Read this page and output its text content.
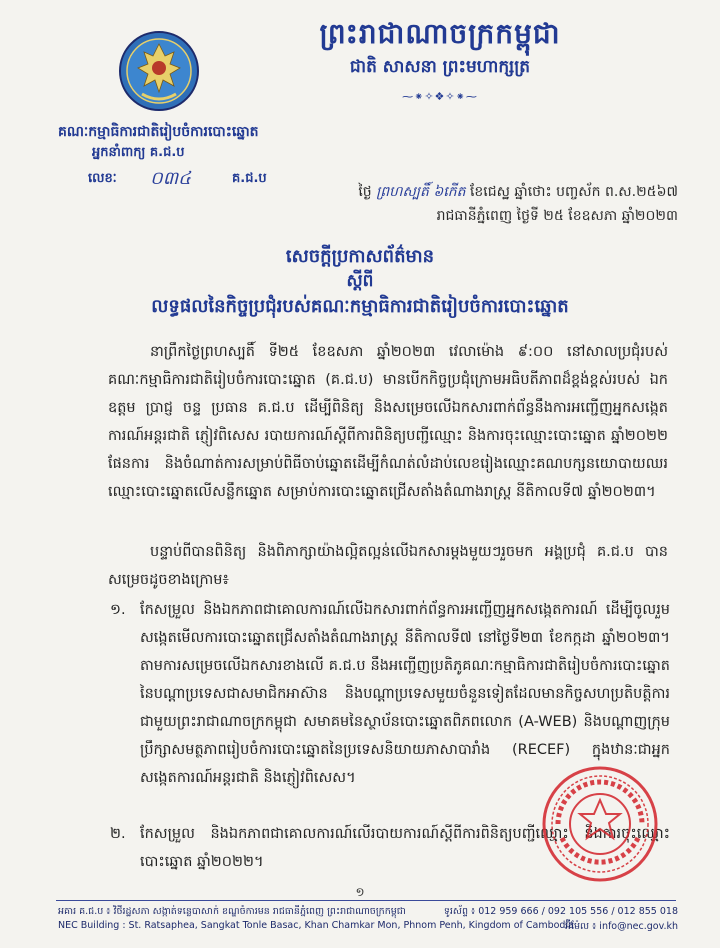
ព្រះរាជាណាចក្រកម្ពុជា
ជាតិ សាសនា ព្រះមហាក្សត្រ
⁓⁕✧❖✧⁕⁓
គណៈកម្មាធិការជាតិរៀបចំការបោះឆ្នោត
អ្នកនាំពាក្យ គ.ជ.ប
លេខៈ ០៣៤	គ.ជ.ប
ថ្ងៃ ព្រហស្បតិ៍ ៦កើត ខែជេស្ឋ ឆ្នាំថោះ បញ្ចស័ក ព.ស.២៥៦៧
រាជធានីភ្នំពេញ ថ្ងៃទី ២៥ ខែឧសភា ឆ្នាំ២០២៣
សេចក្តីប្រកាសព័ត៌មាន
ស្តីពី
លទ្ធផលនៃកិច្ចប្រជុំរបស់គណៈកម្មាធិការជាតិរៀបចំការបោះឆ្នោត

នាព្រឹកថ្ងៃព្រហស្បតិ៍ ទី២៥ ខែឧសភា ឆ្នាំ២០២៣ វេលាម៉ោង ៩:០០ នៅសាលប្រជុំរបស់គណៈកម្មាធិការជាតិរៀបចំការបោះឆ្នោត (គ.ជ.ប) មានបើកកិច្ចប្រជុំក្រោមអធិបតីភាពដ៏ខ្ពង់ខ្ពស់របស់ ឯកឧត្តម ប្រាជ្ញ ចន្ទ ប្រធាន គ.ជ.ប ដើម្បីពិនិត្យ និងសម្រេចលើឯកសារពាក់ព័ន្ធនឹងការអញ្ជើញអ្នកសង្កេតការណ៍អន្តរជាតិ ភ្ញៀវពិសេស របាយការណ៍ស្តីពីការពិនិត្យបញ្ជីឈ្មោះ និងការចុះឈ្មោះបោះឆ្នោត ឆ្នាំ២០២២ ផែនការ និងចំណាត់ការសម្រាប់ពិធីចាប់ឆ្នោតដើម្បីកំណត់លំដាប់លេខរៀងឈ្មោះគណបក្សនយោបាយឈរឈ្មោះបោះឆ្នោតលើសន្លឹកឆ្នោត សម្រាប់ការបោះឆ្នោតជ្រើសតាំងតំណាងរាស្ត្រ នីតិកាលទី៧ ឆ្នាំ២០២៣។

បន្ទាប់ពីបានពិនិត្យ និងពិភាក្សាយ៉ាងល្អិតល្អន់លើឯកសារម្តងមួយៗរួចមក អង្គប្រជុំ គ.ជ.ប បានសម្រេចដូចខាងក្រោម៖

១. កែសម្រួល និងឯកភាពជាគោលការណ៍លើឯកសារពាក់ព័ន្ធការអញ្ជើញអ្នកសង្កេតការណ៍ ដើម្បីចូលរួមសង្កេតមើលការបោះឆ្នោតជ្រើសតាំងតំណាងរាស្ត្រ នីតិកាលទី៧ នៅថ្ងៃទី២៣ ខែកក្កដា ឆ្នាំ២០២៣។ តាមការសម្រេចលើឯកសារខាងលើ គ.ជ.ប នឹងអញ្ជើញប្រតិភូគណៈកម្មាធិការជាតិរៀបចំការបោះឆ្នោតនៃបណ្តាប្រទេសជាសមាជិកអាស៊ាន និងបណ្តាប្រទេសមួយចំនួនទៀតដែលមានកិច្ចសហប្រតិបត្តិការជាមួយព្រះរាជាណាចក្រកម្ពុជា សមាគមនៃស្ថាប័នបោះឆ្នោតពិភពលោក (A-WEB) និងបណ្តាញក្រុមប្រឹក្សាសមត្ថភាពរៀបចំការបោះឆ្នោតនៃប្រទេសនិយាយភាសាបារាំង (RECEF) ក្នុងឋានៈជាអ្នកសង្កេតការណ៍អន្តរជាតិ និងភ្ញៀវពិសេស។
២. កែសម្រួល និងឯកភាពជាគោលការណ៍លើរបាយការណ៍ស្តីពីការពិនិត្យបញ្ជីឈ្មោះ និងការចុះឈ្មោះបោះឆ្នោត ឆ្នាំ២០២២។
១
អគារ គ.ជ.ប ៖ វិថីរដ្ឋសភា សង្កាត់ទន្លេបាសាក់ ខណ្ឌចំការមន រាជធានីភ្នំពេញ ព្រះរាជាណាចក្រកម្ពុជា
NEC Building : St. Ratsaphea, Sangkat Tonle Basac, Khan Chamkar Mon, Phnom Penh, Kingdom of Cambodia
ទូរស័ព្ទ ៖ 012 959 666 / 092 105 556 / 012 855 018
អ៊ីម៉ែល ៖ info@nec.gov.kh
